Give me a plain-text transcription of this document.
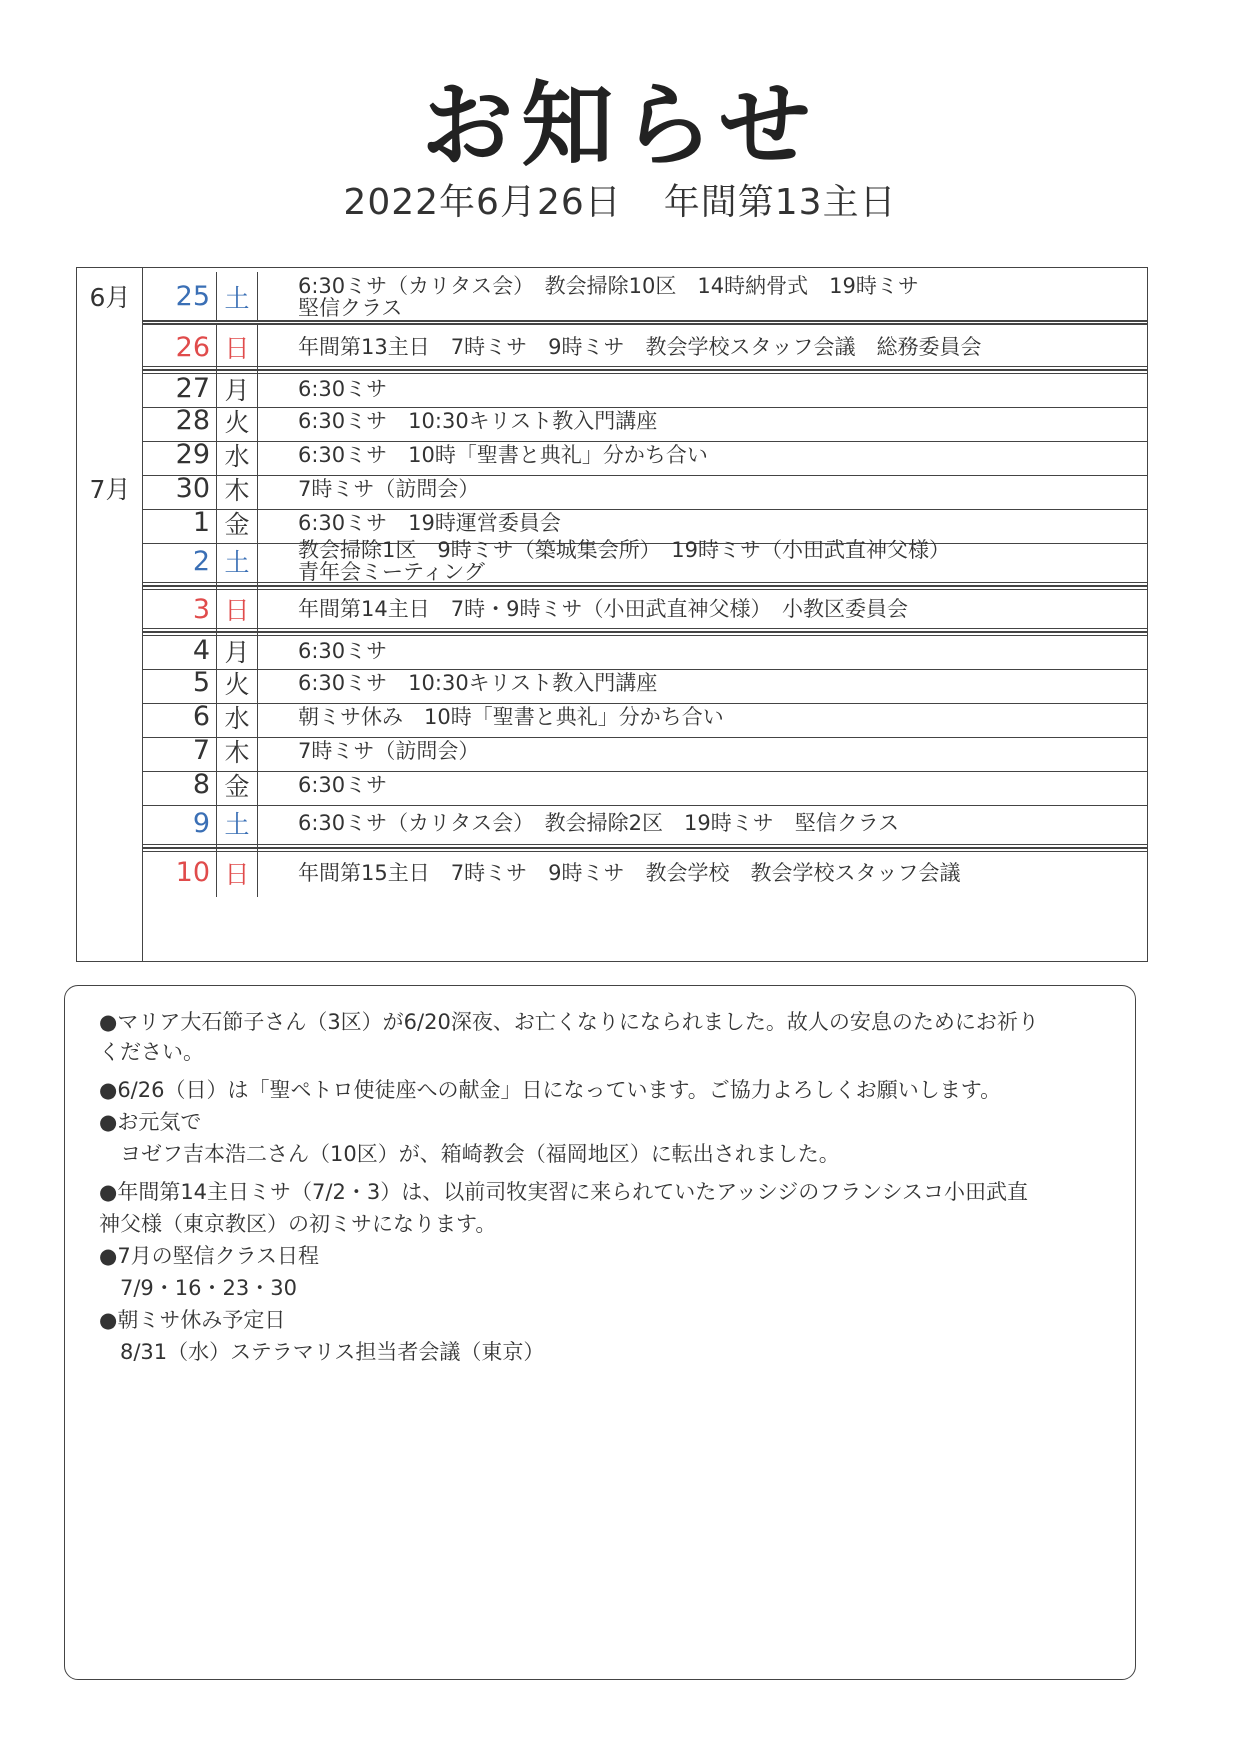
お知らせ
2022年6月26日 年間第13主日
6月
7月
25 土	6:30ミサ（カリタス会）　教会掃除10区　14時納骨式　19時ミサ
堅信クラス
26 日	年間第13主日　7時ミサ　9時ミサ　教会学校スタッフ会議　総務委員会
27 月	6:30ミサ
28 火	6:30ミサ　10:30キリスト教入門講座
29 水	6:30ミサ　10時「聖書と典礼」分かち合い
30 木	7時ミサ（訪問会）
1 金	6:30ミサ　19時運営委員会
2 土	教会掃除1区　9時ミサ（築城集会所）　19時ミサ（小田武直神父様）
青年会ミーティング
3 日	年間第14主日　7時・9時ミサ（小田武直神父様）　小教区委員会
4 月	6:30ミサ
5 火	6:30ミサ　10:30キリスト教入門講座
6 水	朝ミサ休み　10時「聖書と典礼」分かち合い
7 木	7時ミサ（訪問会）
8 金	6:30ミサ
9 土	6:30ミサ（カリタス会）　教会掃除2区　19時ミサ　堅信クラス
10 日	年間第15主日　7時ミサ　9時ミサ　教会学校　教会学校スタッフ会議
●マリア大石節子さん（3区）が6/20深夜、お亡くなりになられました。故人の安息のためにお祈り
ください。
●6/26（日）は「聖ペトロ使徒座への献金」日になっています。ご協力よろしくお願いします。
●お元気で
　ヨゼフ吉本浩二さん（10区）が、箱崎教会（福岡地区）に転出されました。
●年間第14主日ミサ（7/2・3）は、以前司牧実習に来られていたアッシジのフランシスコ小田武直
神父様（東京教区）の初ミサになります。
●7月の堅信クラス日程
　7/9・16・23・30
●朝ミサ休み予定日
　8/31（水）ステラマリス担当者会議（東京）
